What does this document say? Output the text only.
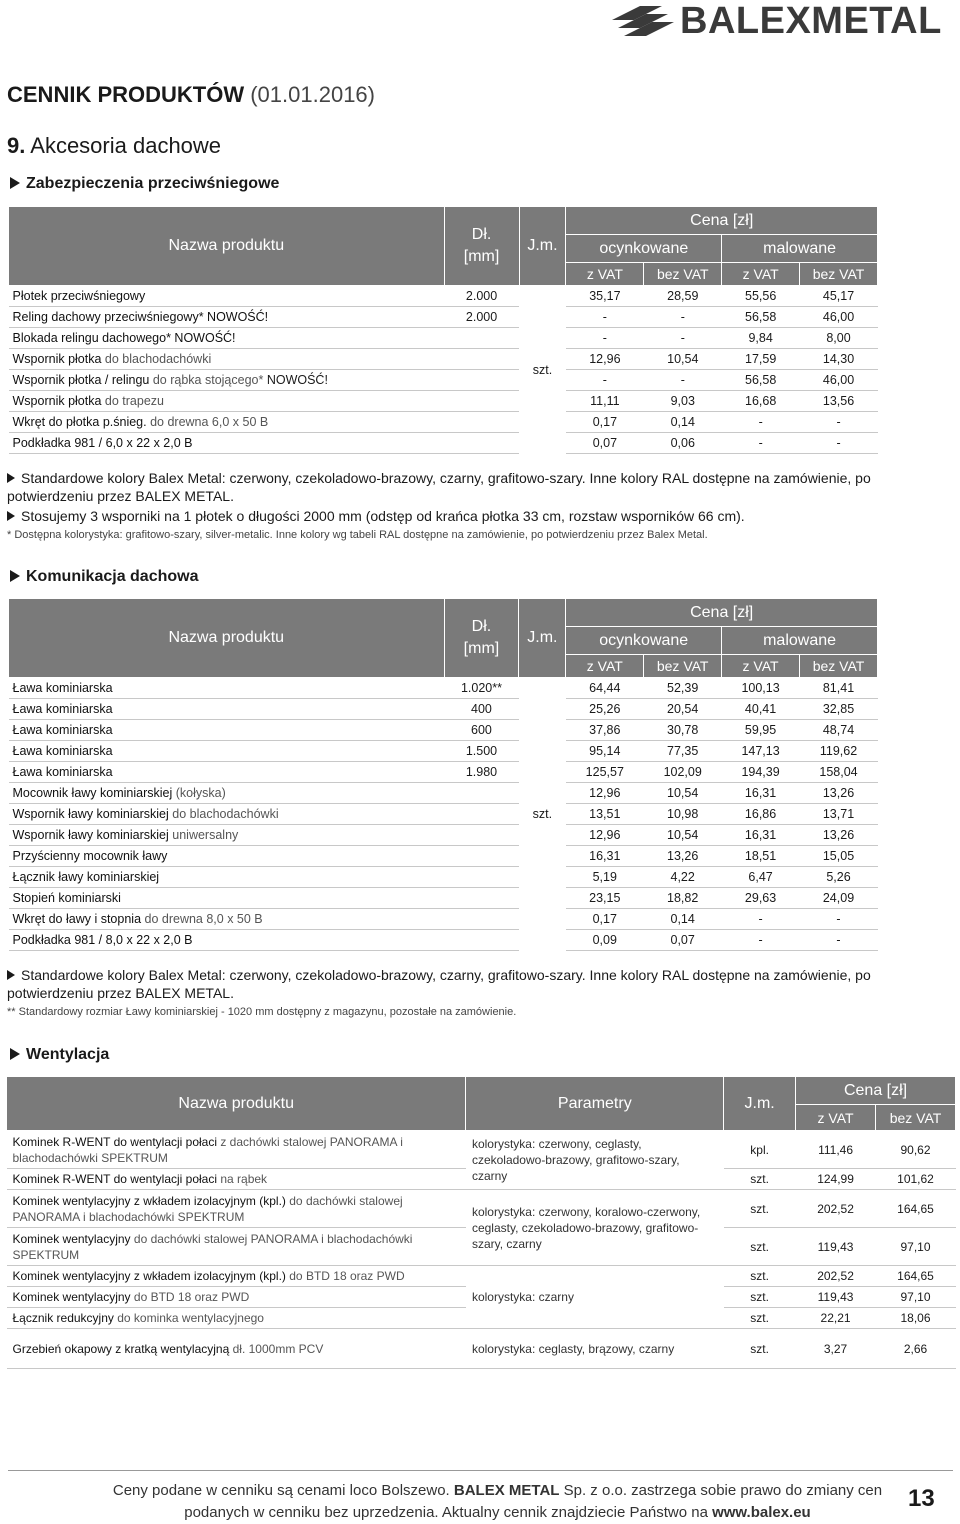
BALEXMETAL
CENNIK PRODUKTÓW (01.01.2016)
9. Akcesoria dachowe
Zabezpieczenia przeciwśniegowe
Nazwa produktu	Dł.
[mm]	J.m.	Cena [zł]			
			ocynkowane		malowane	
			z VAT	bez VAT	z VAT	bez VAT
Płotek przeciwśniegowy	2.000	szt.	35,17	28,59	55,56	45,17
Reling dachowy przeciwśniegowy* NOWOŚĆ!	2.000		-	-	56,58	46,00
Blokada relingu dachowego* NOWOŚĆ!			-	-	9,84	8,00
Wspornik płotka do blachodachówki			12,96	10,54	17,59	14,30
Wspornik płotka / relingu do rąbka stojącego* NOWOŚĆ!			-	-	56,58	46,00
Wspornik płotka do trapezu			11,11	9,03	16,68	13,56
Wkręt do płotka p.śnieg. do drewna 6,0 x 50 B			0,17	0,14	-	-
Podkładka 981 / 6,0 x 22 x 2,0 B			0,07	0,06	-	-
Standardowe kolory Balex Metal: czerwony, czekoladowo-brazowy, czarny, grafitowo-szary. Inne kolory RAL dostępne na zamówienie, po potwierdzeniu przez BALEX METAL.
Stosujemy 3 wsporniki na 1 płotek o długości 2000 mm (odstęp od krańca płotka 33 cm, rozstaw wsporników 66 cm).
* Dostępna kolorystyka: grafitowo-szary, silver-metalic. Inne kolory wg tabeli RAL dostępne na zamówienie, po potwierdzeniu przez Balex Metal.
Komunikacja dachowa
Nazwa produktu	Dł.
[mm]	J.m.	Cena [zł]			
			ocynkowane		malowane	
			z VAT	bez VAT	z VAT	bez VAT
Ława kominiarska	1.020**	szt.	64,44	52,39	100,13	81,41
Ława kominiarska	400		25,26	20,54	40,41	32,85
Ława kominiarska	600		37,86	30,78	59,95	48,74
Ława kominiarska	1.500		95,14	77,35	147,13	119,62
Ława kominiarska	1.980		125,57	102,09	194,39	158,04
Mocownik ławy kominiarskiej (kołyska)			12,96	10,54	16,31	13,26
Wspornik ławy kominiarskiej do blachodachówki			13,51	10,98	16,86	13,71
Wspornik ławy kominiarskiej uniwersalny			12,96	10,54	16,31	13,26
Przyścienny mocownik ławy			16,31	13,26	18,51	15,05
Łącznik ławy kominiarskiej			5,19	4,22	6,47	5,26
Stopień kominiarski			23,15	18,82	29,63	24,09
Wkręt do ławy i stopnia do drewna 8,0 x 50 B			0,17	0,14	-	-
Podkładka 981 / 8,0 x 22 x 2,0 B			0,09	0,07	-	-
Standardowe kolory Balex Metal: czerwony, czekoladowo-brazowy, czarny, grafitowo-szary. Inne kolory RAL dostępne na zamówienie, po potwierdzeniu przez BALEX METAL.
** Standardowy rozmiar Ławy kominiarskiej - 1020 mm dostępny z magazynu, pozostałe na zamówienie.
Wentylacja
Nazwa produktu	Parametry	J.m.	Cena [zł]	
			z VAT	bez VAT
Kominek R-WENT do wentylacji połaci z dachówki stalowej PANORAMA i blachodachówki SPEKTRUM	kolorystyka: czerwony, ceglasty, czekoladowo-brazowy, grafitowo-szary, czarny	kpl.	111,46	90,62
Kominek R-WENT do wentylacji połaci na rąbek		szt.	124,99	101,62
Kominek wentylacyjny z wkładem izolacyjnym (kpl.) do dachówki stalowej PANORAMA i blachodachówki SPEKTRUM	kolorystyka: czerwony, koralowo-czerwony, ceglasty, czekoladowo-brazowy, grafitowo-szary, czarny	szt.	202,52	164,65
Kominek wentylacyjny do dachówki stalowej PANORAMA i blachodachówki SPEKTRUM		szt.	119,43	97,10
Kominek wentylacyjny z wkładem izolacyjnym (kpl.) do BTD 18 oraz PWD	kolorystyka: czarny	szt.	202,52	164,65
Kominek wentylacyjny do BTD 18 oraz PWD		szt.	119,43	97,10
Łącznik redukcyjny do kominka wentylacyjnego		szt.	22,21	18,06
Grzebień okapowy z kratką wentylacyjną dł. 1000mm PCV	kolorystyka: ceglasty, brązowy, czarny	szt.	3,27	2,66
Ceny podane w cenniku są cenami loco Bolszewo. BALEX METAL Sp. z o.o. zastrzega sobie prawo do zmiany cen
podanych w cenniku bez uprzedzenia. Aktualny cennik znajdziecie Państwo na www.balex.eu
13
